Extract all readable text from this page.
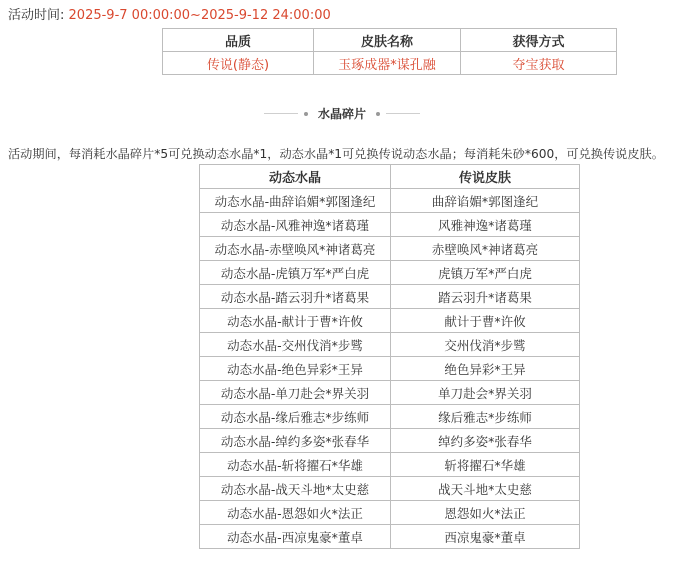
活动时间: 2025-9-7 00:00:00~2025-9-12 24:00:00
品质	皮肤名称	获得方式
传说(静态)	玉琢成器*谋孔融	夺宝获取
水晶碎片
活动期间，每消耗水晶碎片*5可兑换动态水晶*1，动态水晶*1可兑换传说动态水晶；每消耗朱砂*600，可兑换传说皮肤。
动态水晶	传说皮肤
动态水晶-曲辞谄媚*郭图逢纪	曲辞谄媚*郭图逢纪
动态水晶-风雅神逸*诸葛瑾	风雅神逸*诸葛瑾
动态水晶-赤壁唤风*神诸葛亮	赤壁唤风*神诸葛亮
动态水晶-虎镇万军*严白虎	虎镇万军*严白虎
动态水晶-踏云羽升*诸葛果	踏云羽升*诸葛果
动态水晶-献计于曹*许攸	献计于曹*许攸
动态水晶-交州伐消*步骘	交州伐消*步骘
动态水晶-绝色异彩*王异	绝色异彩*王异
动态水晶-单刀赴会*界关羽	单刀赴会*界关羽
动态水晶-缘后雅志*步练师	缘后雅志*步练师
动态水晶-绰约多姿*张春华	绰约多姿*张春华
动态水晶-斩将擢石*华雄	斩将擢石*华雄
动态水晶-战天斗地*太史慈	战天斗地*太史慈
动态水晶-恩怨如火*法正	恩怨如火*法正
动态水晶-西凉鬼豪*董卓	西凉鬼豪*董卓
